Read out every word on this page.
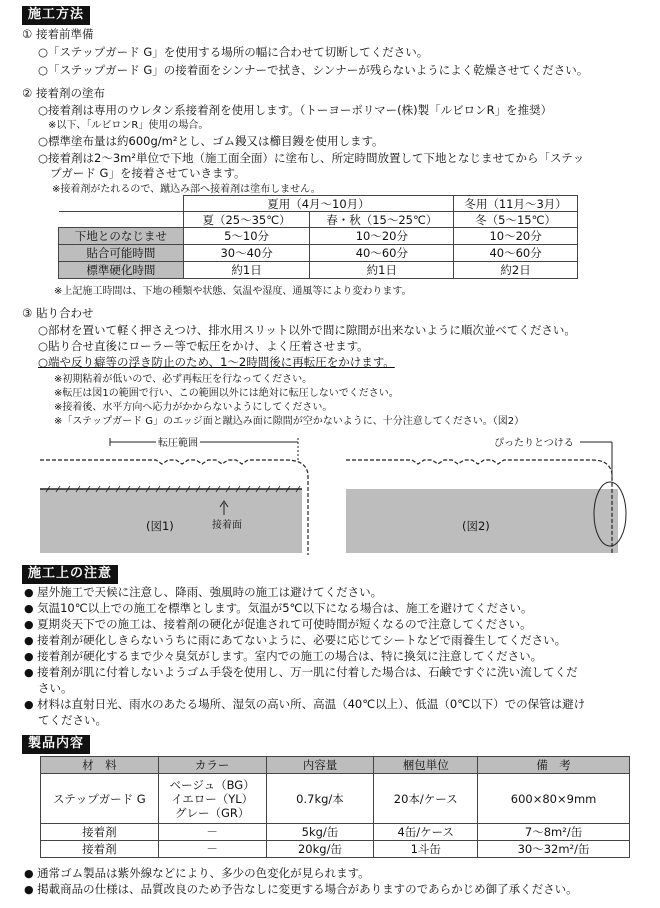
施工方法
① 接着前準備
○「ステップガード G」を使用する場所の幅に合わせて切断してください。
○「ステップガード G」の接着面をシンナーで拭き、シンナーが残らないようによく乾燥させてください。
② 接着剤の塗布
○接着剤は専用のウレタン系接着剤を使用します。（トーヨーポリマー(株)製「ルビロンR」を推奨）
※以下、「ルビロンR」使用の場合。
○標準塗布量は約600g/m²とし、ゴム鏝又は櫛目鏝を使用します。
○接着剤は2～3m²単位で下地（施工面全面）に塗布し、所定時間放置して下地となじませてから「ステッ
プガード G」を接着させていきます。
※接着剤がたれるので、蹴込み部へ接着剤は塗布しません。
	夏用（4月～10月）		冬用（11月～3月）
	夏（25～35℃）	春・秋（15～25℃）	冬（5～15℃）
下地とのなじませ	5～10分	10～20分	10～20分
貼合可能時間	30～40分	40～60分	40～60分
標準硬化時間	約1日	約1日	約2日
※上記施工時間は、下地の種類や状態、気温や湿度、通風等により変わります。
③ 貼り合わせ
○部材を置いて軽く押さえつけ、排水用スリット以外で間に隙間が出来ないように順次並べてください。
○貼り合せ直後にローラー等で転圧をかけ、よく圧着させます。
○端や反り癖等の浮き防止のため、1～2時間後に再転圧をかけます。
※初期粘着が低いので、必ず再転圧を行なってください。
※転圧は図1の範囲で行い、この範囲以外には絶対に転圧しないでください。
※接着後、水平方向へ応力がかからないようにしてください。
※「ステップガード G」のエッジ面と蹴込み面に隙間が空かないように、十分注意してください。（図2）
転圧範囲
(図1)	接着面
ぴったりとつける
(図2)
施工上の注意
● 屋外施工で天候に注意し、降雨、強風時の施工は避けてください。
● 気温10℃以上での施工を標準とします。気温が5℃以下になる場合は、施工を避けてください。
● 夏期炎天下での施工は、接着剤の硬化が促進されて可使時間が短くなるので注意してください。
● 接着剤が硬化しきらないうちに雨にあてないように、必要に応じてシートなどで雨養生してください。
● 接着剤が硬化するまで少々臭気がします。室内での施工の場合は、特に換気に注意してください。
● 接着剤が肌に付着しないようゴム手袋を使用し、万一肌に付着した場合は、石鹸ですぐに洗い流してくだ
さい。
● 材料は直射日光、雨水のあたる場所、湿気の高い所、高温（40℃以上）、低温（0℃以下）での保管は避け
てください。
製品内容
材　料	カラー	内容量	梱包単位	備　考
ステップガード G	ベージュ（BG）
イエロー（YL）
グレー（GR）	0.7kg/本	20本/ケース	600×80×9mm
接着剤	－	5kg/缶	4缶/ケース	7～8m²/缶
接着剤	－	20kg/缶	1斗缶	30～32m²/缶
● 通常ゴム製品は紫外線などにより、多少の色変化が見られます。
● 掲載商品の仕様は、品質改良のため予告なしに変更する場合がありますのであらかじめ御了承ください。
